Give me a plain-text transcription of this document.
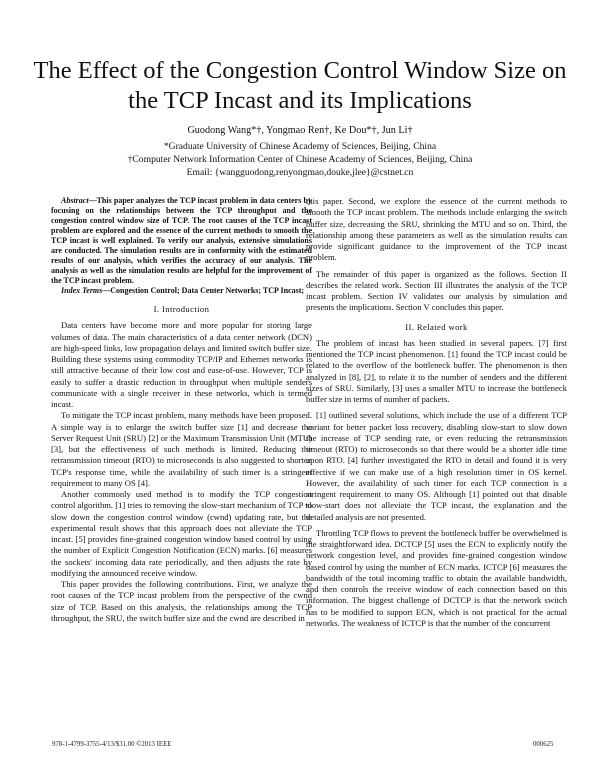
The Effect of the Congestion Control Window Size on the TCP Incast and its Implications
Guodong Wang*†, Yongmao Ren†, Ke Dou*†, Jun Li†
*Graduate University of Chinese Academy of Sciences, Beijing, China
†Computer Network Information Center of Chinese Academy of Sciences, Beijing, China
Email: {wangguodong,renyongmao,douke,jlee}@cstnet.cn

Abstract—This paper analyzes the TCP incast problem in data centers by focusing on the relationships between the TCP throughput and the congestion control window size of TCP. The root causes of the TCP incast problem are explored and the essence of the current methods to smooth the TCP incast is well explained. To verify our analysis, extensive simulations are conducted. The simulation results are in conformity with the estimated results of our analysis, which verifies the accuracy of our analysis. The analysis as well as the simulation results are helpful for the improvement of the TCP incast problem.

Index Terms—Congestion Control; Data Center Networks; TCP Incast;

I. Introduction

Data centers have become more and more popular for storing large volumes of data. The main characteristics of a data center network (DCN) are high-speed links, low propagation delays and limited switch buffer size. Building these systems using commodity TCP/IP and Ethernet networks is still attractive because of their low cost and ease-of-use. However, TCP is easily to suffer a drastic reduction in throughput when multiple senders communicate with a single receiver in these networks, which is termed incast.

To mitigate the TCP incast problem, many methods have been proposed. A simple way is to enlarge the switch buffer size [1] and decrease the Server Request Unit (SRU) [2] or the Maximum Transmission Unit (MTU) [3], but the effectiveness of such methods is limited. Reducing the retransmission timeout (RTO) to microseconds is also suggested to shorten TCP's response time, while the availability of such timer is a stringent requirement to many OS [4].

Another commonly used method is to modify the TCP congestion control algorithm. [1] tries to removing the slow-start mechanism of TCP to slow down the congestion control window (cwnd) updating rate, but the experimental result shows that this approach does not alleviate the TCP incast. [5] provides fine-grained congestion window based control by using the number of Explicit Congestion Notification (ECN) marks. [6] measures the sockets' incoming data rate periodically, and then adjusts the rate by modifying the announced receive window.

This paper provides the following contributions. First, we analyze the root causes of the TCP incast problem from the perspective of the cwnd size of TCP. Based on this analysis, the relationships among the TCP throughput, the SRU, the switch buffer size and the cwnd are described in

this paper. Second, we explore the essence of the current methods to smooth the TCP incast problem. The methods include enlarging the switch buffer size, decreasing the SRU, shrinking the MTU and so on. Third, the relationship among these parameters as well as the simulation results can provide significant guidance to the improvement of the TCP incast problem.

The remainder of this paper is organized as the follows. Section II describes the related work. Section III illustrates the analysis of the TCP incast problem. Section IV validates our analysis by simulation and presents the implications. Section V concludes this paper.

II. Related work

The problem of incast has been studied in several papers. [7] first mentioned the TCP incast phenomenon. [1] found the TCP incast could be related to the overflow of the bottleneck buffer. The phenomenon is then analyzed in [8], [2], to relate it to the number of senders and the different sizes of SRU. Similarly, [3] uses a smaller MTU to increase the bottleneck buffer size in terms of number of packets.

[1] outlined several solutions, which include the use of a different TCP variant for better packet loss recovery, disabling slow-start to slow down the increase of TCP sending rate, or even reducing the retransmission timeout (RTO) to microseconds so that there would be a shorter idle time upon RTO. [4] further investigated the RTO in detail and found it is very effective if we can make use of a high resolution timer in OS kernel. However, the availability of such timer for each TCP connection is a stringent requirement to many OS. Although [1] pointed out that disable slow-start does not alleviate the TCP incast, the explanation and the detailed analysis are not presented.

Throttling TCP flows to prevent the bottleneck buffer be overwhelmed is the straightforward idea. DCTCP [5] uses the ECN to explicitly notify the network congestion level, and provides fine-grained congestion window based control by using the number of ECN marks. ICTCP [6] measures the bandwidth of the total incoming traffic to obtain the available bandwidth, and then controls the receive window of each connection based on this information. The biggest challenge of DCTCP is that the network switch has to be modified to support ECN, which is not practical for the actual networks. The weakness of ICTCP is that the number of the concurrent

978-1-4799-3755-4/13/$31.00 ©2013 IEEE	000625
